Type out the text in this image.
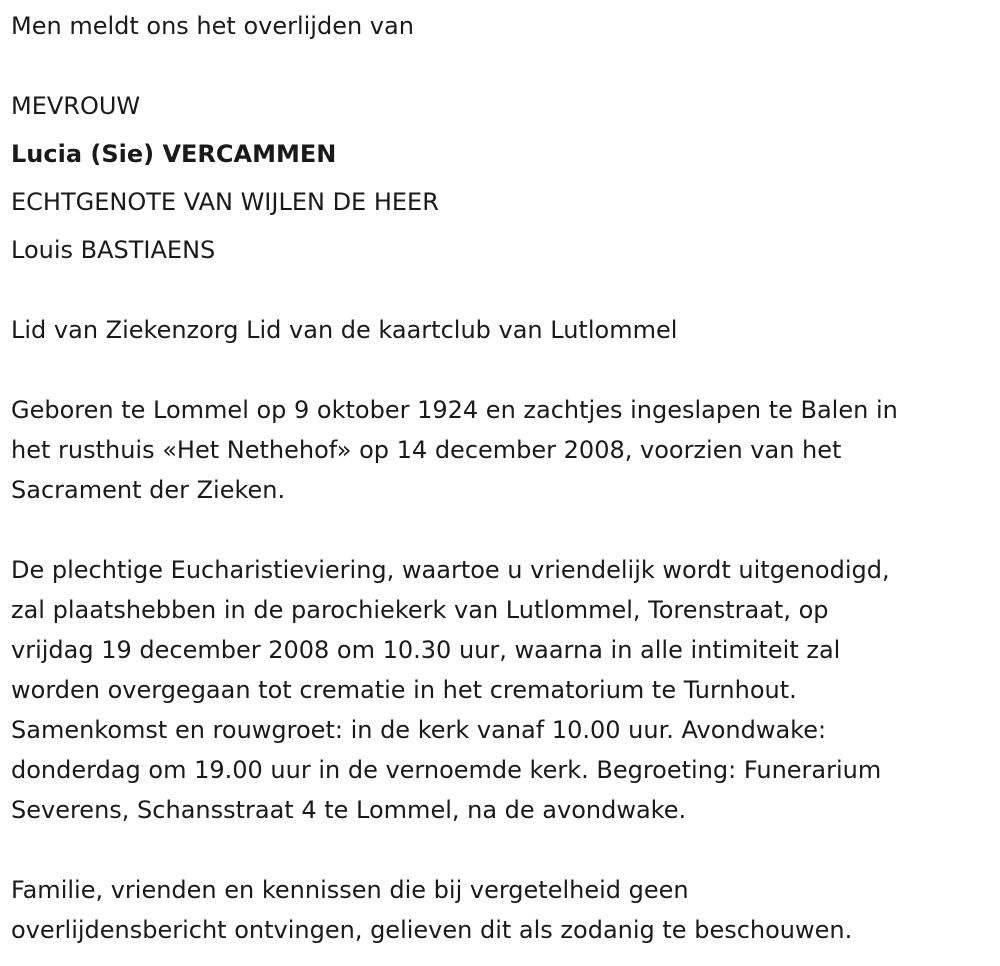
Men meldt ons het overlijden van
MEVROUW
Lucia (Sie) VERCAMMEN
ECHTGENOTE VAN WIJLEN DE HEER
Louis BASTIAENS
Lid van Ziekenzorg Lid van de kaartclub van Lutlommel
Geboren te Lommel op 9 oktober 1924 en zachtjes ingeslapen te Balen in
het rusthuis «Het Nethehof» op 14 december 2008, voorzien van het
Sacrament der Zieken.
De plechtige Eucharistieviering, waartoe u vriendelijk wordt uitgenodigd,
zal plaatshebben in de parochiekerk van Lutlommel, Torenstraat, op
vrijdag 19 december 2008 om 10.30 uur, waarna in alle intimiteit zal
worden overgegaan tot crematie in het crematorium te Turnhout.
Samenkomst en rouwgroet: in de kerk vanaf 10.00 uur. Avondwake:
donderdag om 19.00 uur in de vernoemde kerk. Begroeting: Funerarium
Severens, Schansstraat 4 te Lommel, na de avondwake.
Familie, vrienden en kennissen die bij vergetelheid geen
overlijdensbericht ontvingen, gelieven dit als zodanig te beschouwen.
